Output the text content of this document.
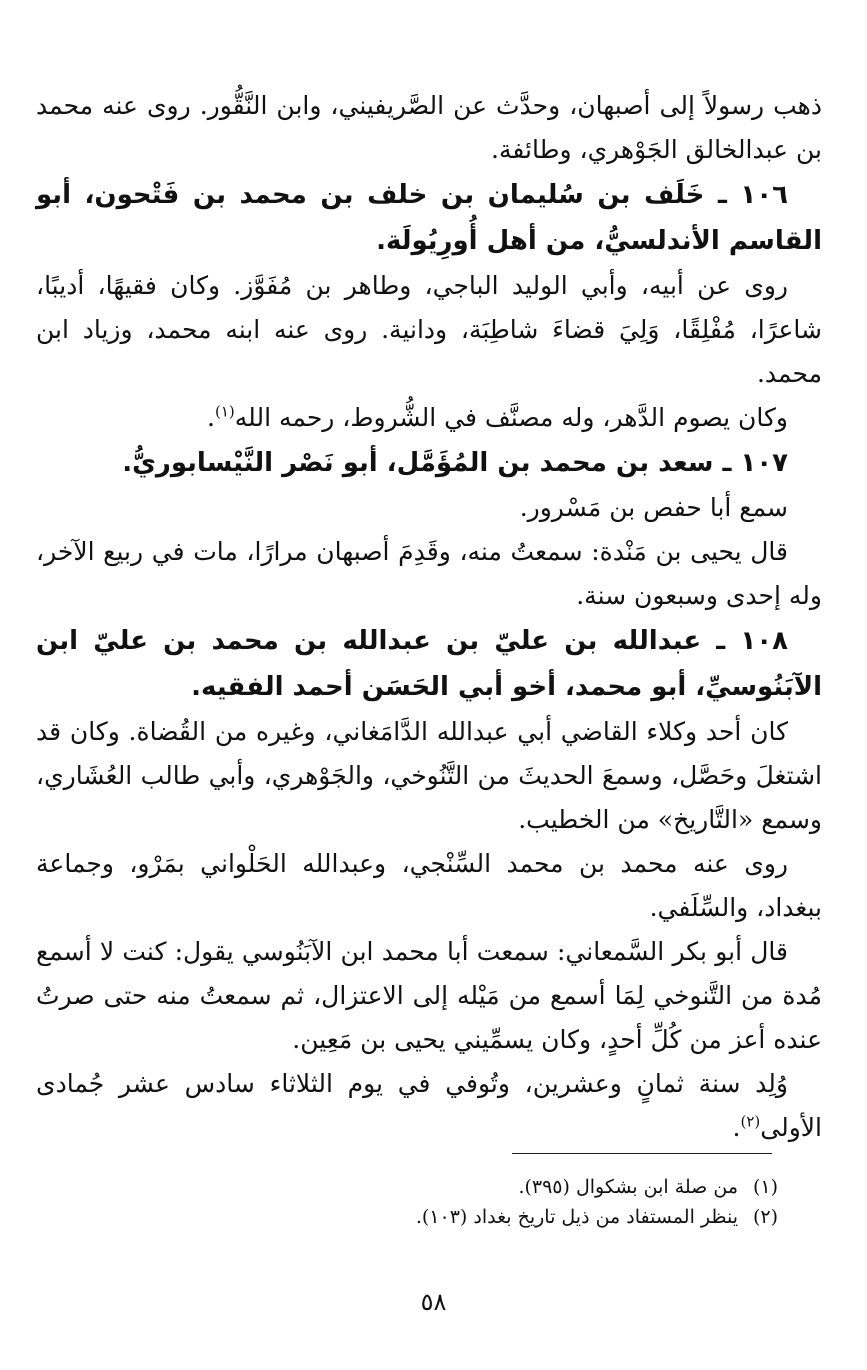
ذهب رسولاً إلى أصبهان، وحدَّث عن الصَّريفيني، وابن النَّقُّور. روى عنه محمد بن عبدالخالق الجَوْهري، وطائفة.

١٠٦ ـ خَلَف بن سُليمان بن خلف بن محمد بن فَتْحون، أبو القاسم الأندلسيُّ، من أهل أُورِيُولَة.

روى عن أبيه، وأبي الوليد الباجي، وطاهر بن مُفَوَّز. وكان فقيهًا، أديبًا، شاعرًا، مُفْلِقًا، وَلِيَ قضاءَ شاطِبَة، ودانية. روى عنه ابنه محمد، وزياد ابن محمد.

وكان يصوم الدَّهر، وله مصنَّف في الشُّروط، رحمه الله$^{(١)}$.

١٠٧ ـ سعد بن محمد بن المُؤَمَّل، أبو نَصْر النَّيْسابوريُّ.

سمع أبا حفص بن مَسْرور.

قال يحيى بن مَنْدة: سمعتُ منه، وقَدِمَ أصبهان مرارًا، مات في ربيع الآخر، وله إحدى وسبعون سنة.

١٠٨ ـ عبدالله بن عليّ بن عبدالله بن محمد بن عليّ ابن الآبَنُوسيِّ، أبو محمد، أخو أبي الحَسَن أحمد الفقيه.

كان أحد وكلاء القاضي أبي عبدالله الدَّامَغاني، وغيره من القُضاة. وكان قد اشتغلَ وحَصَّل، وسمعَ الحديثَ من التَّنُوخي، والجَوْهري، وأبي طالب العُشَاري، وسمع «التَّاريخ» من الخطيب.

روى عنه محمد بن محمد السِّنْجي، وعبدالله الحَلْواني بمَرْو، وجماعة ببغداد، والسِّلَفي.

قال أبو بكر السَّمعاني: سمعت أبا محمد ابن الآبَنُوسي يقول: كنت لا أسمع مُدة من التَّنوخي لِمَا أسمع من مَيْله إلى الاعتزال، ثم سمعتُ منه حتى صرتُ عنده أعز من كُلِّ أحدٍ، وكان يسمِّيني يحيى بن مَعِين.

وُلِد سنة ثمانٍ وعشرين، وتُوفي في يوم الثلاثاء سادس عشر جُمادى الأولى$^{(٢)}$.

(١)من صلة ابن بشكوال (٣٩٥).

(٢)ينظر المستفاد من ذيل تاريخ بغداد (١٠٣).

٥٨
